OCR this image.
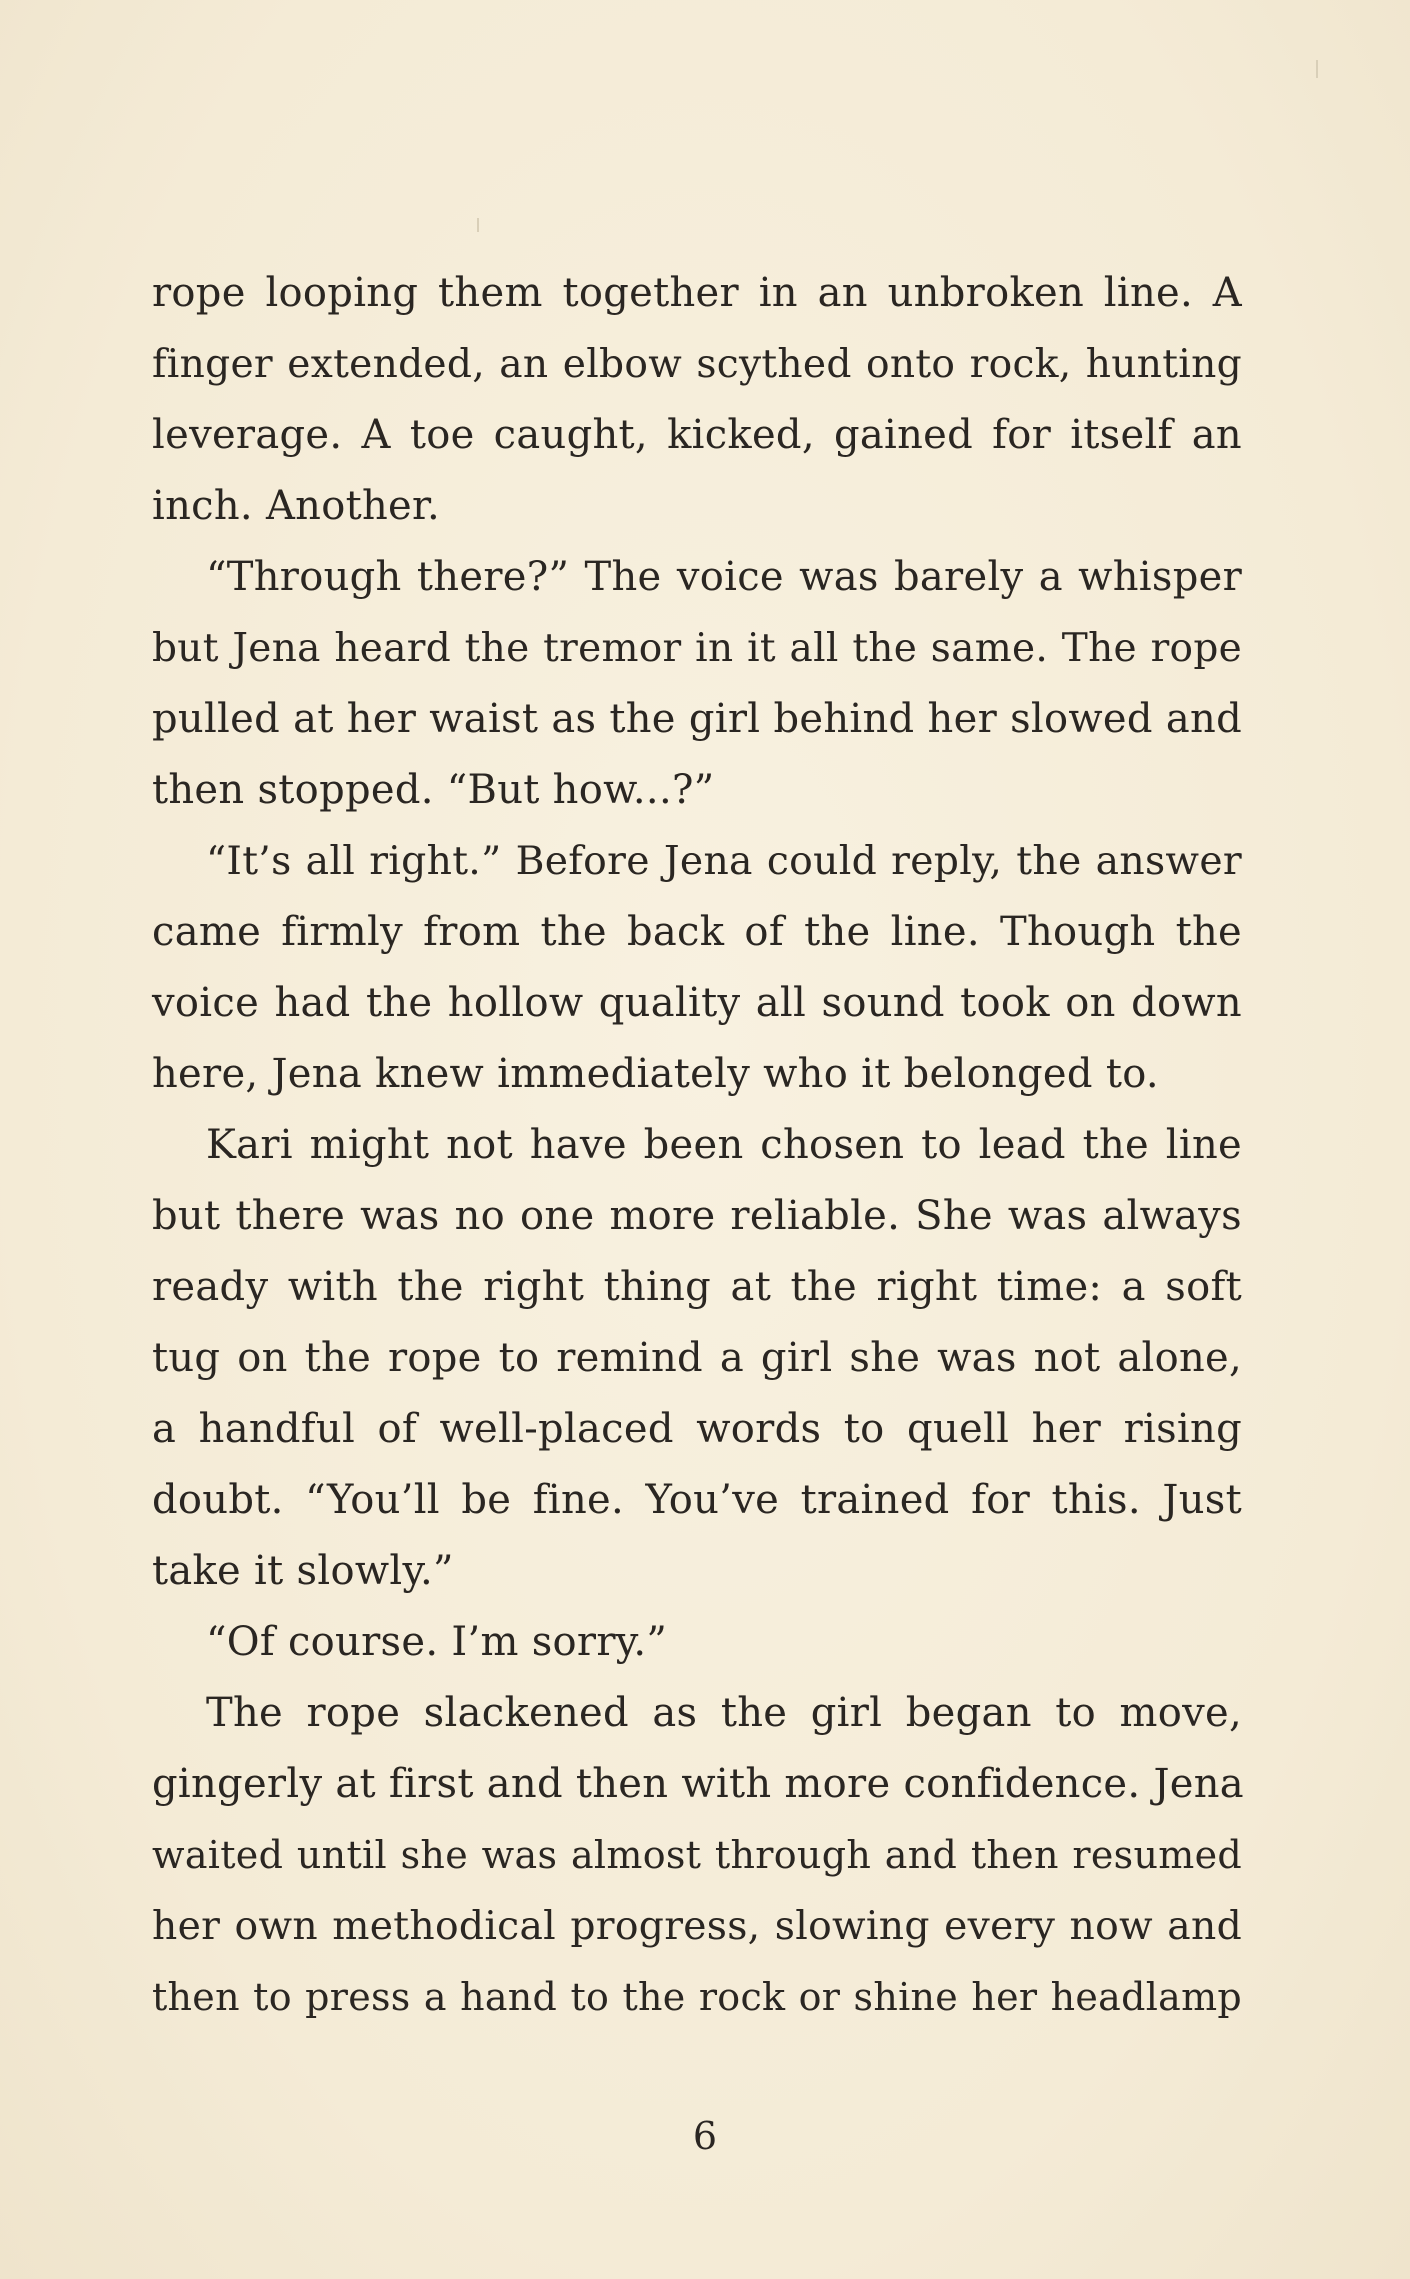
rope looping them together in an unbroken line. A
finger extended, an elbow scythed onto rock, hunting
leverage. A toe caught, kicked, gained for itself an
inch. Another.
“Through there?” The voice was barely a whisper
but Jena heard the tremor in it all the same. The rope
pulled at her waist as the girl behind her slowed and
then stopped. “But how...?”
“It’s all right.” Before Jena could reply, the answer
came firmly from the back of the line. Though the
voice had the hollow quality all sound took on down
here, Jena knew immediately who it belonged to.
Kari might not have been chosen to lead the line
but there was no one more reliable. She was always
ready with the right thing at the right time: a soft
tug on the rope to remind a girl she was not alone,
a handful of well-placed words to quell her rising
doubt. “You’ll be fine. You’ve trained for this. Just
take it slowly.”
“Of course. I’m sorry.”
The rope slackened as the girl began to move,
gingerly at first and then with more confidence. Jena
waited until she was almost through and then resumed
her own methodical progress, slowing every now and
then to press a hand to the rock or shine her headlamp
6
